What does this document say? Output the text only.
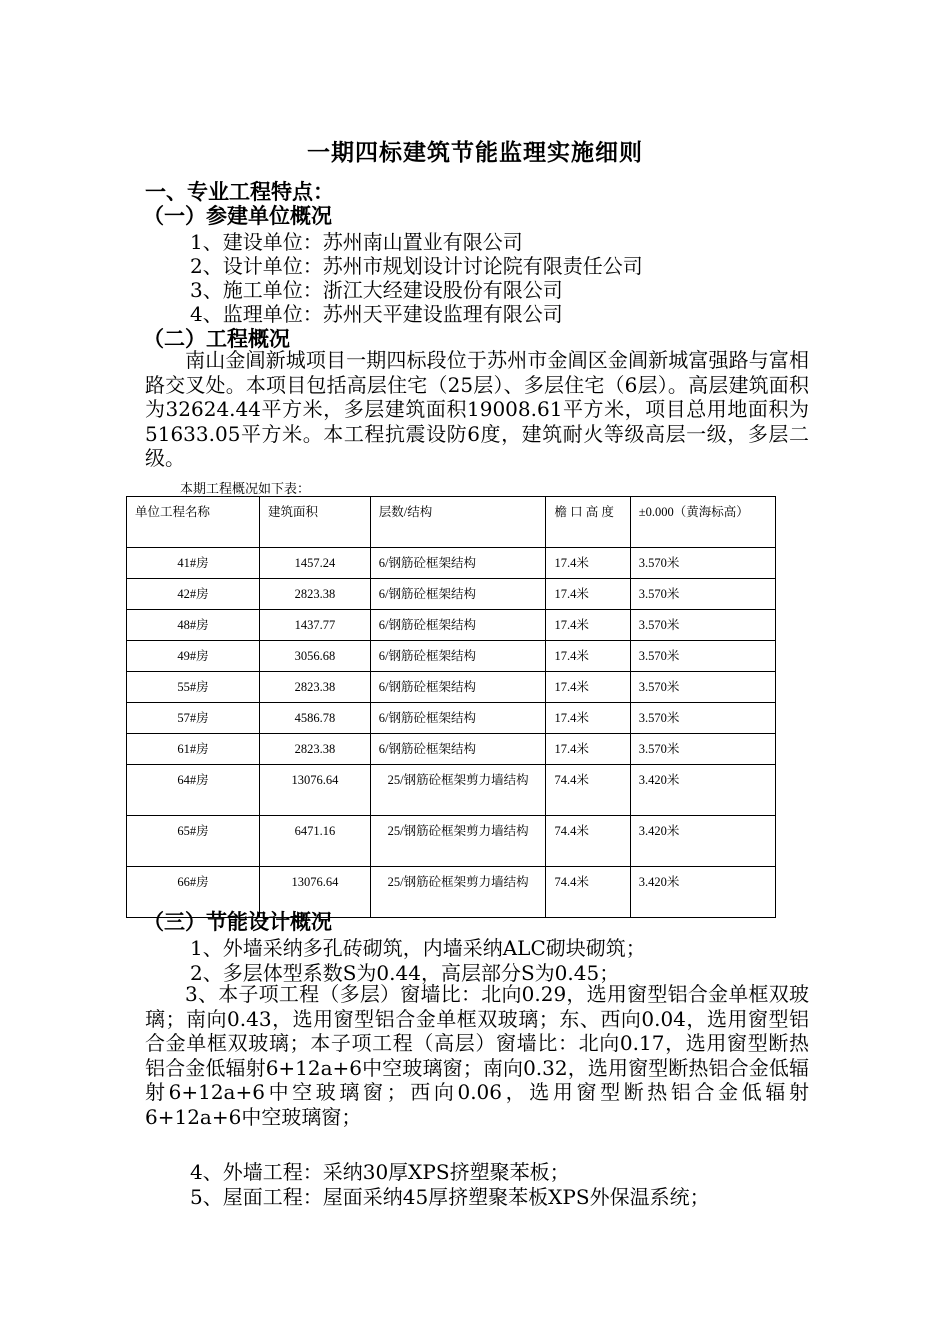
一期四标建筑节能监理实施细则
一、专业工程特点：
（一）参建单位概况
1、建设单位：苏州南山置业有限公司
2、设计单位：苏州市规划设计讨论院有限责任公司
3、施工单位：浙江大经建设股份有限公司
4、监理单位：苏州天平建设监理有限公司
（二）工程概况
南山金阊新城项目一期四标段位于苏州市金阊区金阊新城富强路与富相路交叉处。本项目包括高层住宅（25层）、多层住宅（6层）。高层建筑面积为32624.44平方米，多层建筑面积19008.61平方米，项目总用地面积为51633.05平方米。本工程抗震设防6度，建筑耐火等级高层一级，多层二级。
本期工程概况如下表：
单位工程名称	建筑面积	层数/结构	檐 口 高 度	±0.000（黄海标高）
41#房	1457.24	6/钢筋砼框架结构	17.4米	3.570米
42#房	2823.38	6/钢筋砼框架结构	17.4米	3.570米
48#房	1437.77	6/钢筋砼框架结构	17.4米	3.570米
49#房	3056.68	6/钢筋砼框架结构	17.4米	3.570米
55#房	2823.38	6/钢筋砼框架结构	17.4米	3.570米
57#房	4586.78	6/钢筋砼框架结构	17.4米	3.570米
61#房	2823.38	6/钢筋砼框架结构	17.4米	3.570米
64#房	13076.64	25/钢筋砼框架剪力墙结构	74.4米	3.420米
65#房	6471.16	25/钢筋砼框架剪力墙结构	74.4米	3.420米
66#房	13076.64	25/钢筋砼框架剪力墙结构	74.4米	3.420米
（三）节能设计概况
1、外墙采纳多孔砖砌筑，内墙采纳ALC砌块砌筑；
2、多层体型系数S为0.44，高层部分S为0.45；
3、本子项工程（多层）窗墙比：北向0.29，选用窗型铝合金单框双玻璃；南向0.43，选用窗型铝合金单框双玻璃；东、西向0.04，选用窗型铝合金单框双玻璃；本子项工程（高层）窗墙比：北向0.17，选用窗型断热铝合金低辐射6+12a+6中空玻璃窗；南向0.32，选用窗型断热铝合金低辐射6+12a+6中空玻璃窗；西向0.06，选用窗型断热铝合金低辐射6+12a+6中空玻璃窗；
4、外墙工程：采纳30厚XPS挤塑聚苯板；
5、屋面工程：屋面采纳45厚挤塑聚苯板XPS外保温系统；
